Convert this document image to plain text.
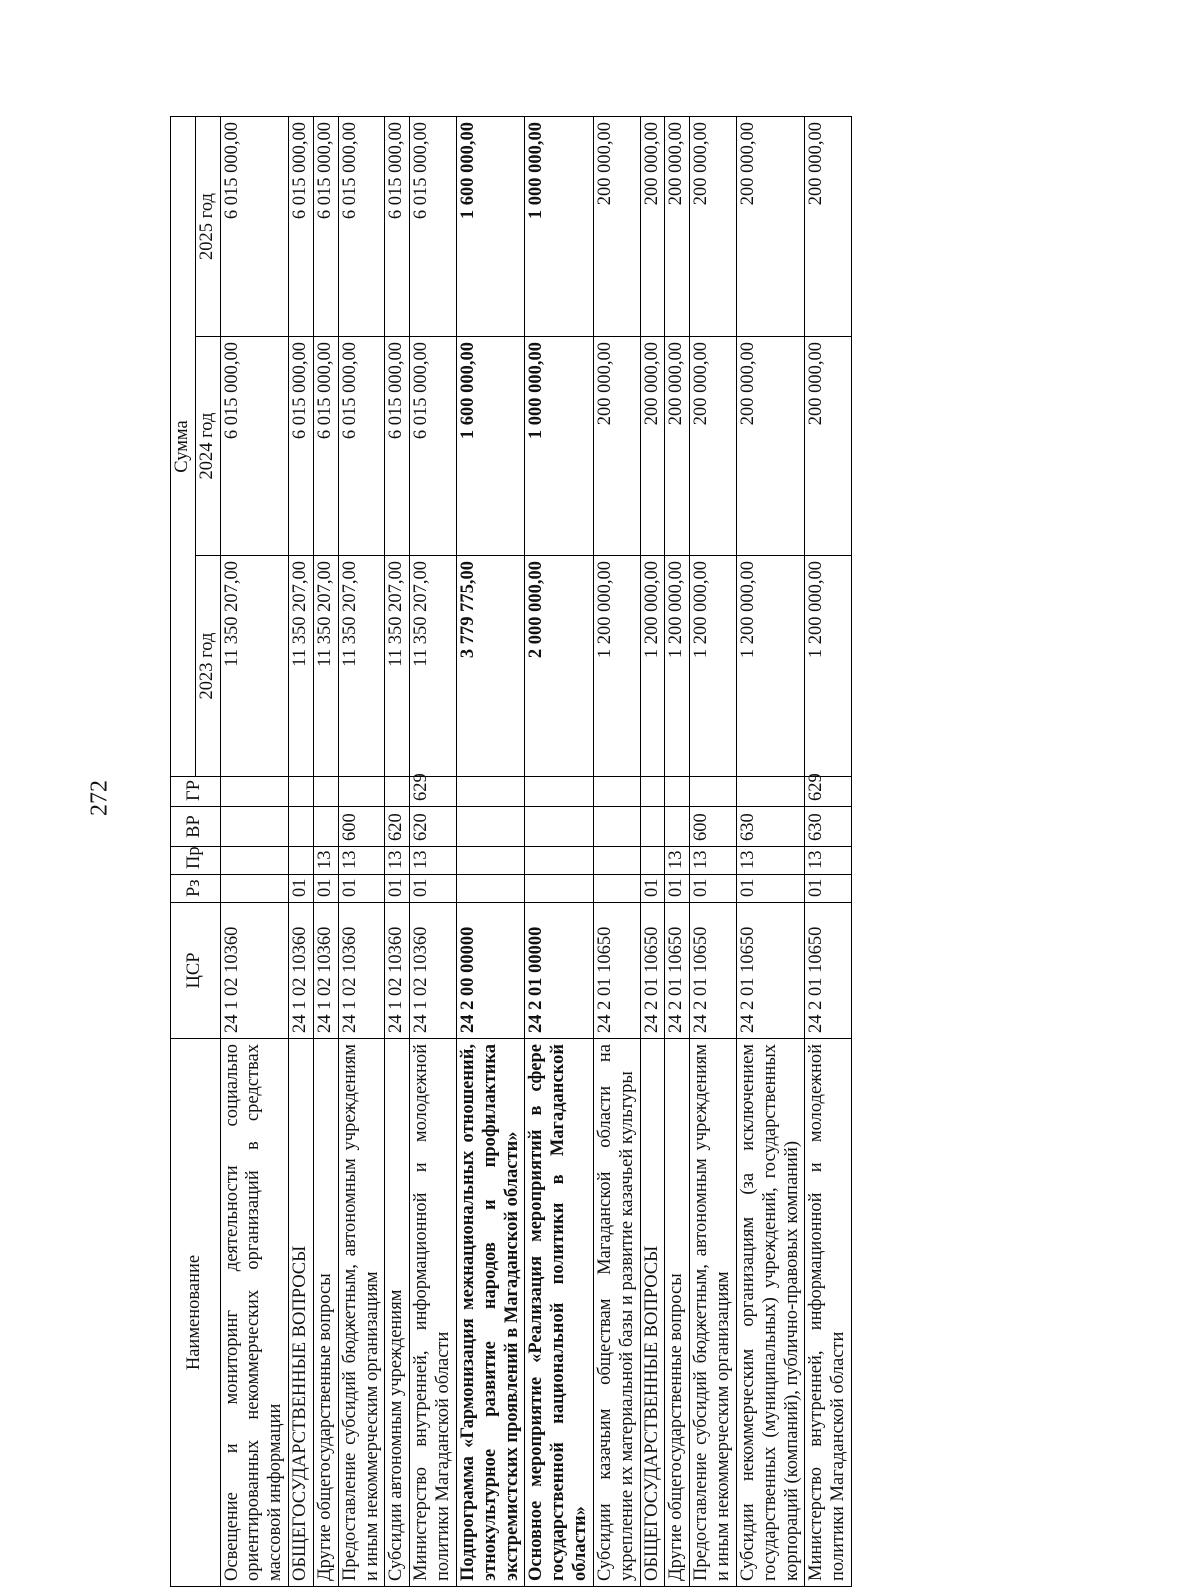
272
Наименование	ЦСР	Рз	Пр	ВР	ГР	Сумма		
						2023 год	2024 год	2025 год
Освещение и мониторинг деятельности социально ориентированных некоммерческих организаций в средствах массовой информации	24 1 02 10360					11 350 207,00	6 015 000,00	6 015 000,00
ОБЩЕГОСУДАРСТВЕННЫЕ ВОПРОСЫ	24 1 02 10360	01				11 350 207,00	6 015 000,00	6 015 000,00
Другие общегосударственные вопросы	24 1 02 10360	01	13			11 350 207,00	6 015 000,00	6 015 000,00
Предоставление субсидий бюджетным, автономным учреждениям и иным некоммерческим организациям	24 1 02 10360	01	13	600		11 350 207,00	6 015 000,00	6 015 000,00
Субсидии автономным учреждениям	24 1 02 10360	01	13	620		11 350 207,00	6 015 000,00	6 015 000,00
Министерство внутренней, информационной и молодежной политики Магаданской области	24 1 02 10360	01	13	620	629	11 350 207,00	6 015 000,00	6 015 000,00
Подпрограмма «Гармонизация межнациональных отношений, этнокультурное развитие народов и профилактика экстремистских проявлений в Магаданской области»	24 2 00 00000					3 779 775,00	1 600 000,00	1 600 000,00
Основное мероприятие «Реализация мероприятий в сфере государственной национальной политики в Магаданской области»	24 2 01 00000					2 000 000,00	1 000 000,00	1 000 000,00
Субсидии казачьим обществам Магаданской области на укрепление их материальной базы и развитие казачьей культуры	24 2 01 10650					1 200 000,00	200 000,00	200 000,00
ОБЩЕГОСУДАРСТВЕННЫЕ ВОПРОСЫ	24 2 01 10650	01				1 200 000,00	200 000,00	200 000,00
Другие общегосударственные вопросы	24 2 01 10650	01	13			1 200 000,00	200 000,00	200 000,00
Предоставление субсидий бюджетным, автономным учреждениям и иным некоммерческим организациям	24 2 01 10650	01	13	600		1 200 000,00	200 000,00	200 000,00
Субсидии некоммерческим организациям (за исключением государственных (муниципальных) учреждений, государственных корпораций (компаний), публично-правовых компаний)	24 2 01 10650	01	13	630		1 200 000,00	200 000,00	200 000,00
Министерство внутренней, информационной и молодежной политики Магаданской области	24 2 01 10650	01	13	630	629	1 200 000,00	200 000,00	200 000,00
